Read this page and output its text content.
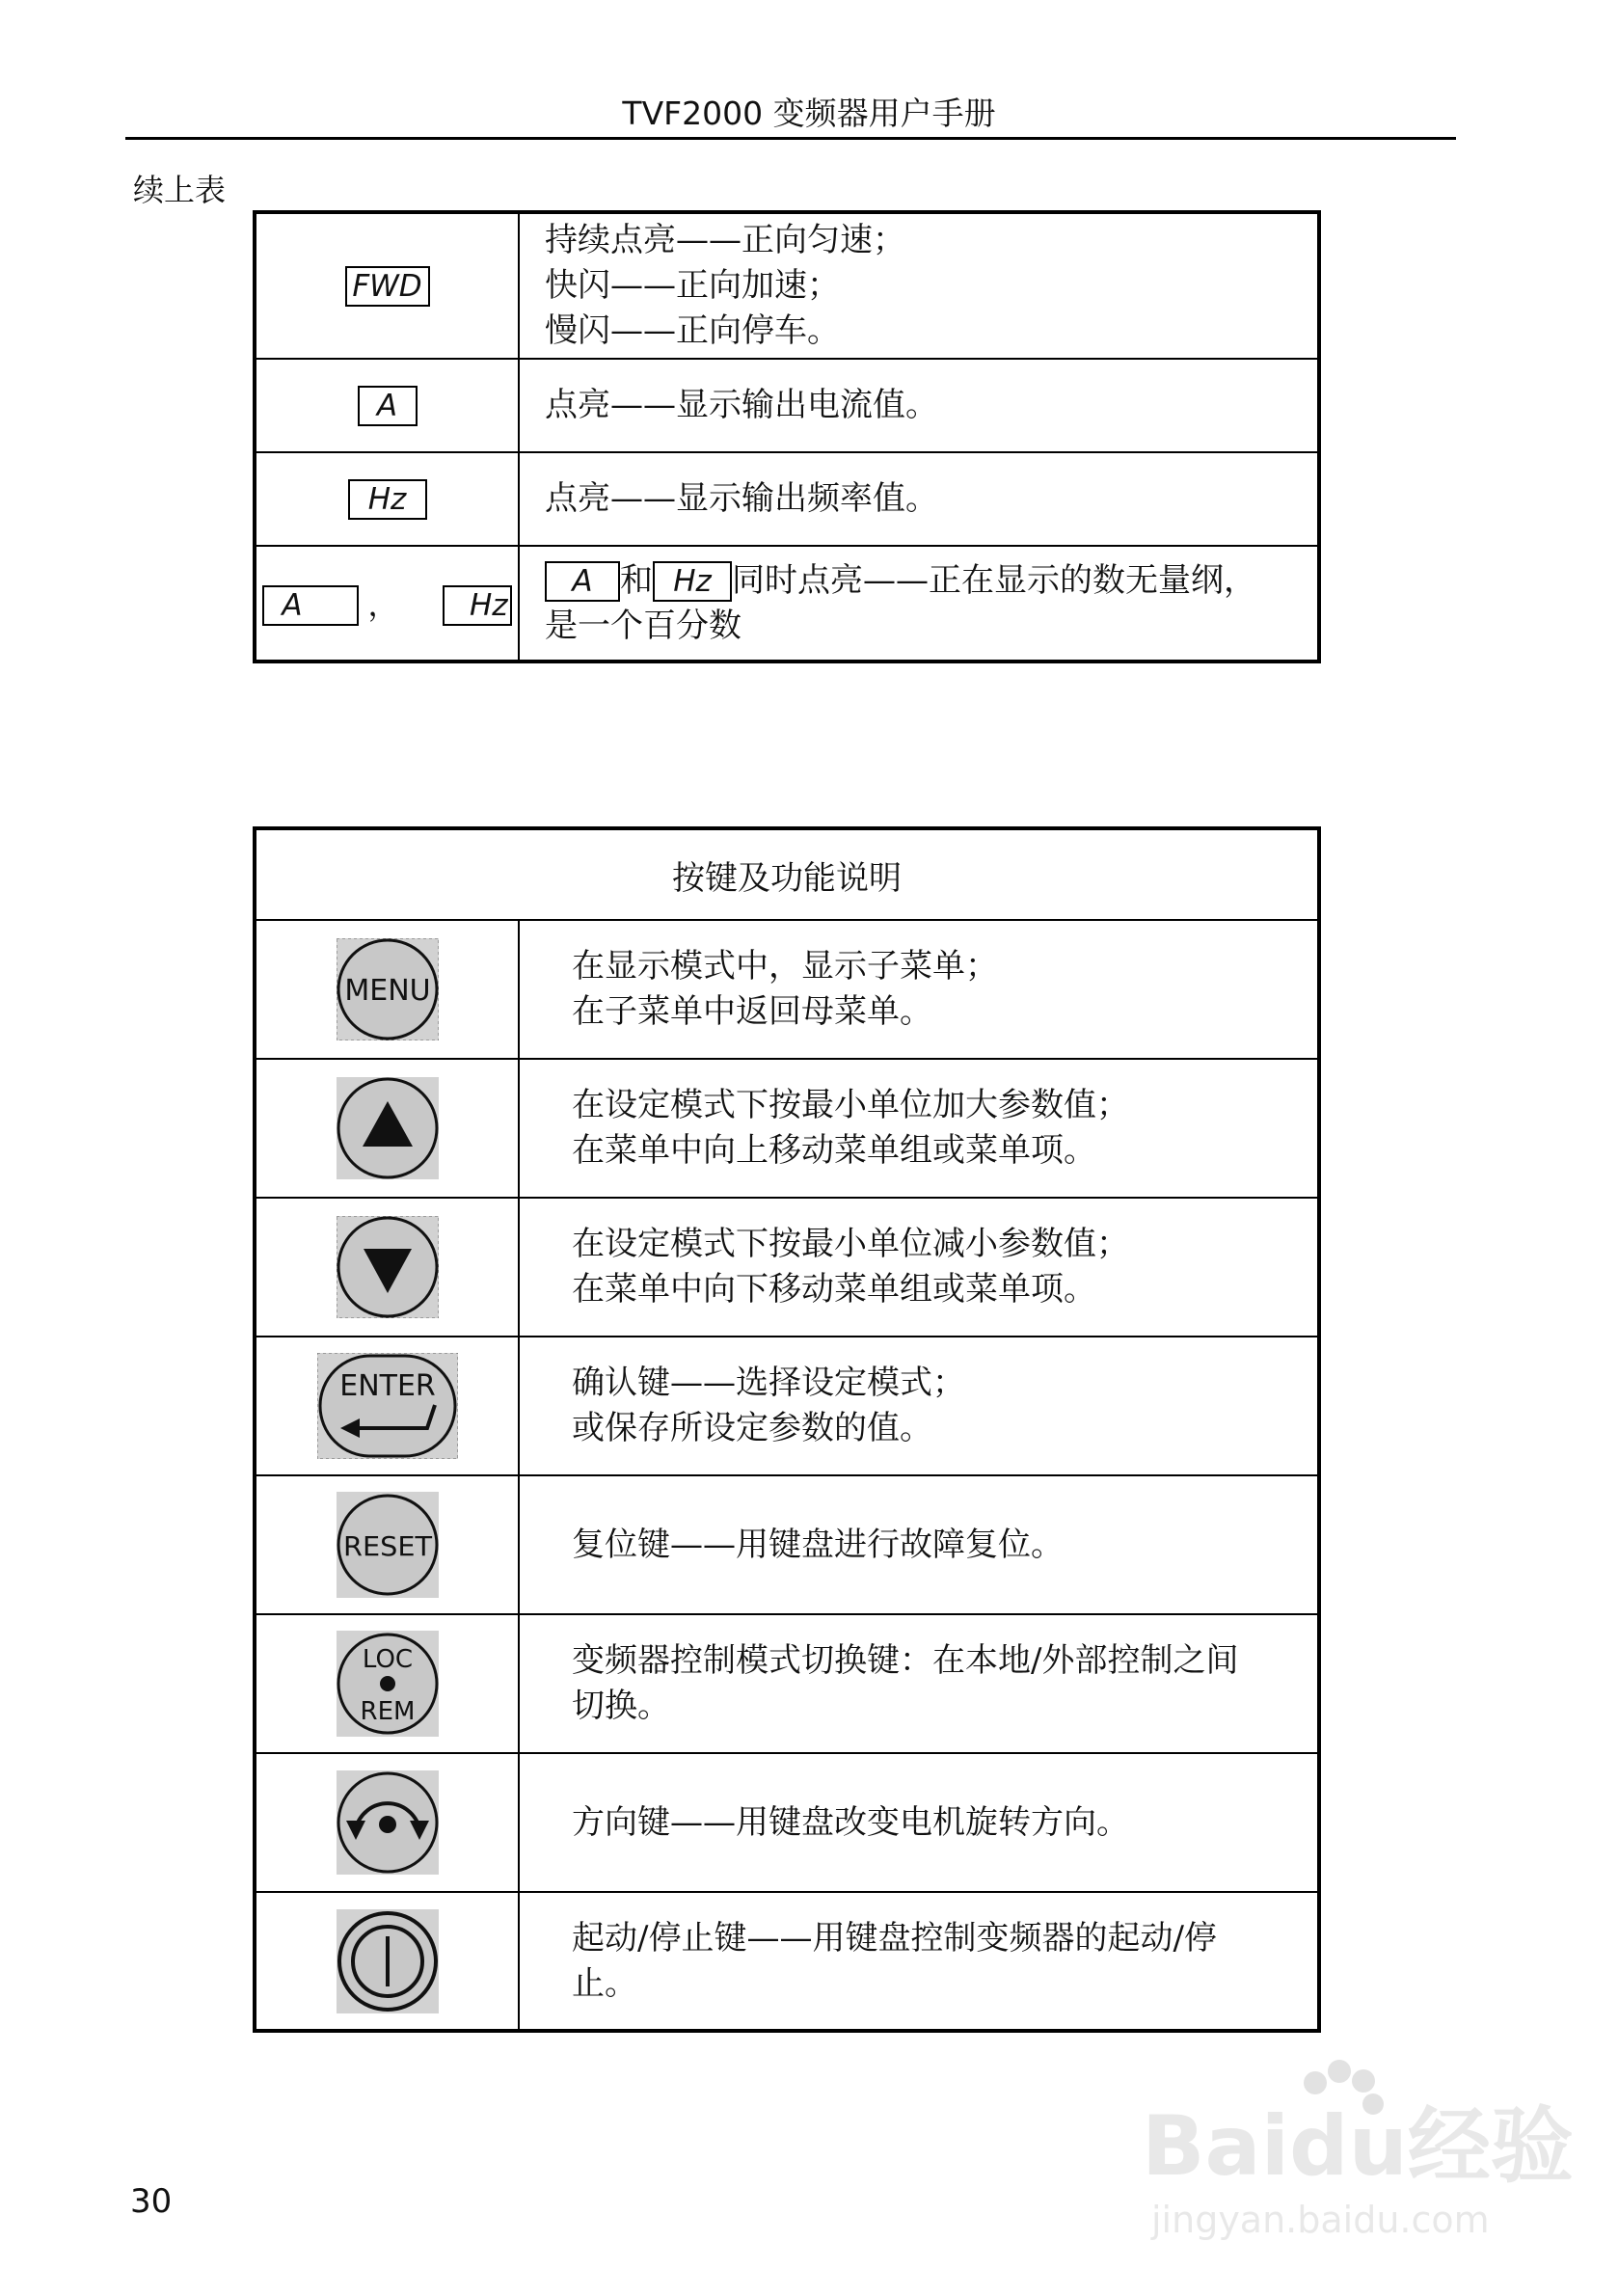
TVF2000 变频器用户手册
续上表
FWD	持续点亮——正向匀速；
快闪——正向加速；
慢闪——正向停车。

A	点亮——显示输出电流值。

Hz	点亮——显示输出频率值。

A ， Hz	A 和 Hz 同时点亮——正在显示的数无量纲，
是一个百分数
按键及功能说明	

MENU	在显示模式中，显示子菜单；
在子菜单中返回母菜单。

在设定模式下按最小单位加大参数值；
在菜单中向上移动菜单组或菜单项。

在设定模式下按最小单位减小参数值；
在菜单中向下移动菜单组或菜单项。

ENTER	确认键——选择设定模式；
或保存所设定参数的值。

RESET	复位键——用键盘进行故障复位。

LOC
REM	变频器控制模式切换键：在本地/外部控制之间
切换。

方向键——用键盘改变电机旋转方向。

起动/停止键——用键盘控制变频器的起动/停
止。
30
Baidu经验
jingyan.baidu.com
